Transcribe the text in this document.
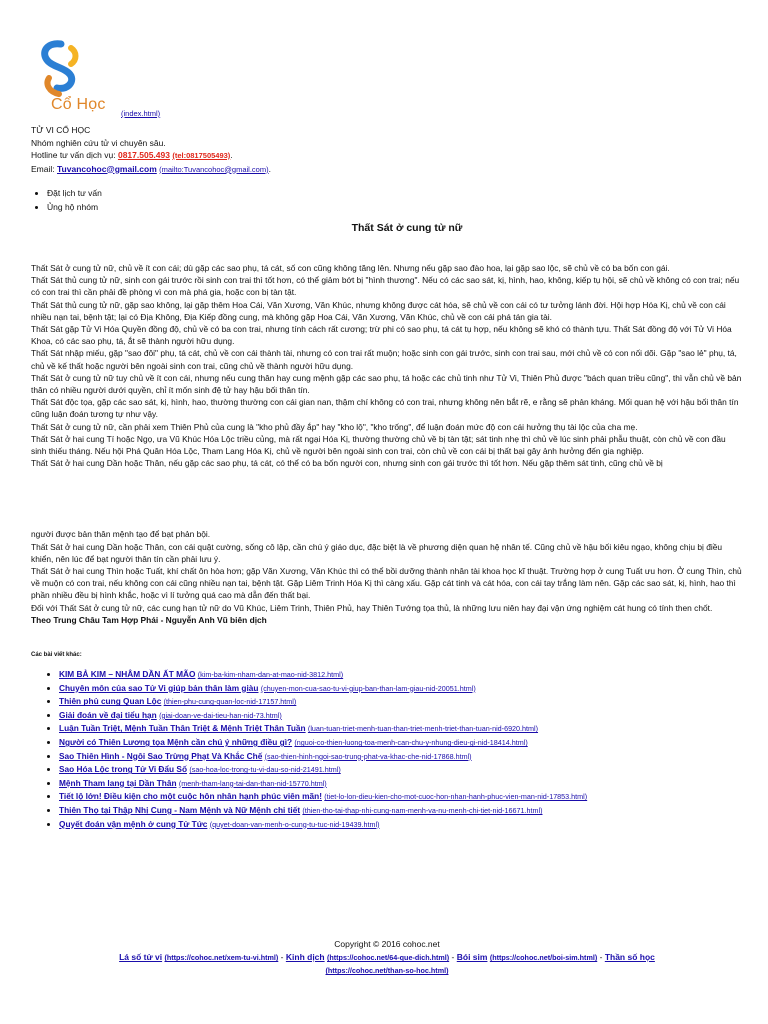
Cổ Học
(index.html)
TỬ VI CỔ HỌC
Nhóm nghiên cứu tử vi chuyên sâu.
Hotline tư vấn dịch vụ: 0817.505.493 (tel:0817505493).
Email: Tuvancohoc@gmail.com (mailto:Tuvancohoc@gmail.com).
• Đặt lịch tư vấn
• Ủng hộ nhóm
Thất Sát ở cung tử nữ

Thất Sát ở cung tử nữ, chủ về ít con cái; dù gặp các sao phụ, tá cát, số con cũng không tăng lên. Nhưng nếu gặp sao đào hoa, lại gặp sao lộc, sẽ chủ về có ba bốn con gái.

Thất Sát thủ cung tử nữ, sinh con gái trước rồi sinh con trai thì tốt hơn, có thể giảm bớt bị "hình thương". Nếu có các sao sát, kị, hình, hao, không, kiếp tụ hội, sẽ chủ về không có con trai; nếu có con trai thì cần phải đề phòng vì con mà phá gia, hoặc con bị tàn tật.

Thất Sát thủ cung tử nữ, gặp sao không, lại gặp thêm Hoa Cái, Văn Xương, Văn Khúc, nhưng không được cát hóa, sẽ chủ về con cái có tư tưởng lánh đời. Hội hợp Hóa Kị, chủ về con cái nhiều nạn tai, bệnh tật; lại có Địa Không, Địa Kiếp đồng cung, mà không gặp Hoa Cái, Văn Xương, Văn Khúc, chủ về con cái phá tán gia tài.

Thất Sát gặp Tử Vi Hóa Quyền đồng độ, chủ về có ba con trai, nhưng tính cách rất cương; trừ phi có sao phụ, tá cát tụ hợp, nếu không sẽ khó có thành tựu. Thất Sát đồng độ với Tử Vi Hóa Khoa, có các sao phụ, tá, ắt sẽ thành người hữu dụng.

Thất Sát nhập miếu, gặp "sao đôi" phụ, tá cát, chủ về con cái thành tài, nhưng có con trai rất muộn; hoặc sinh con gái trước, sinh con trai sau, mới chủ về có con nối dõi. Gặp "sao lẻ" phụ, tá, chủ về kế thất hoặc người bên ngoài sinh con trai, cũng chủ về thành người hữu dụng.

Thất Sát ở cung tử nữ tuy chủ về ít con cái, nhưng nếu cung thân hay cung mệnh gặp các sao phụ, tá hoặc các chủ tinh như Tử Vi, Thiên Phủ được "bách quan triều cũng", thì vẫn chủ về bản thân có nhiều người dưới quyền, chỉ ít mốn sinh đệ tử hay hậu bối thân tín.

Thất Sát độc tọa, gặp các sao sát, kị, hình, hao, thường thường con cái gian nan, thậm chí không có con trai, nhưng không nên bắt rẽ, e rằng sẽ phản kháng. Mối quan hệ với hậu bối thân tín cũng luận đoán tương tự như vậy.

Thất Sát ở cung tử nữ, cần phải xem Thiên Phủ của cung là "kho phủ đầy ắp" hay "kho lộ", "kho trống", để luận đoán mức độ con cái hưởng thụ tài lộc của cha mẹ.

Thất Sát ở hai cung Tí hoặc Ngọ, ưa Vũ Khúc Hóa Lộc triều củng, mà rất ngại Hóa Kị, thường thường chủ về bị tàn tật; sát tinh nhẹ thì chủ về lúc sinh phải phẫu thuật, còn chủ về con đầu sinh thiếu tháng. Nếu hội Phá Quân Hóa Lộc, Tham Lang Hóa Kị, chủ về người bên ngoài sinh con trai, còn chủ về con cái bị thất bại gây ảnh hưởng đến gia nghiệp.

Thất Sát ở hai cung Dần hoặc Thân, nếu gặp các sao phụ, tá cát, có thể có ba bốn người con, nhưng sinh con gái trước thì tốt hơn. Nếu gặp thêm sát tinh, cũng chủ về bị

người được bản thân mệnh tạo để bạt phản bội.

Thất Sát ở hai cung Dần hoặc Thân, con cái quật cường, sống cô lập, cần chú ý giáo dục, đặc biệt là về phương diện quan hệ nhân tế. Cũng chủ về hậu bối kiêu ngạo, không chịu bị điều khiển, nên lúc để bạt người thân tín cần phải lưu ý.

Thất Sát ở hai cung Thìn hoặc Tuất, khí chất ôn hòa hơn; gặp Văn Xương, Văn Khúc thì có thể bồi dưỡng thành nhân tài khoa học kĩ thuật. Trường hợp ở cung Tuất ưu hơn. Ở cung Thìn, chủ về muộn có con trai, nếu không con cái cũng nhiều nạn tai, bệnh tật. Gặp Liêm Trinh Hóa Kị thì càng xấu. Gặp cát tinh và cát hóa, con cái tay trắng làm nên. Gặp các sao sát, kị, hình, hao thì phần nhiều đều bị hình khắc, hoặc vì lí tưởng quá cao mà dẫn đến thất bại.

Đối với Thất Sát ở cung tử nữ, các cung hạn tử nữ do Vũ Khúc, Liêm Trinh, Thiên Phủ, hay Thiên Tướng tọa thủ, là những lưu niên hay đại vận ứng nghiệm cát hung có tính then chốt.

Theo Trung Châu Tam Hợp Phái - Nguyễn Anh Vũ biên dịch

Các bài viết khác:
• KIM BẢ KIM – NHÂM DẦN ẤT MÃO (kim-ba-kim-nham-dan-at-mao-nid-3812.html)
• Chuyên môn của sao Tử Vi giúp bản thân làm giàu (chuyen-mon-cua-sao-tu-vi-giup-ban-than-lam-giau-nid-20051.html)
• Thiên phủ cung Quan Lộc (thien-phu-cung-quan-loc-nid-17157.html)
• Giải đoán về đại tiểu hạn (giai-doan-ve-dai-tieu-han-nid-73.html)
• Luận Tuần Triệt, Mệnh Tuần Thân Triệt & Mệnh Triệt Thân Tuần (luan-tuan-triet-menh-tuan-than-triet-menh-triet-than-tuan-nid-6920.html)
• Người có Thiên Lương tọa Mệnh cần chú ý những điều gì? (nguoi-co-thien-luong-toa-menh-can-chu-y-nhung-dieu-gi-nid-18414.html)
• Sao Thiên Hình - Ngôi Sao Trừng Phạt Và Khắc Chế (sao-thien-hinh-ngoi-sao-trung-phat-va-khac-che-nid-17868.html)
• Sao Hóa Lộc trong Tử Vi Đẩu Số (sao-hoa-loc-trong-tu-vi-dau-so-nid-21491.html)
• Mệnh Tham lang tại Dần Thân (menh-tham-lang-tai-dan-than-nid-15770.html)
• Tiết lộ lớn! Điều kiện cho một cuộc hôn nhân hạnh phúc viên mãn! (tiet-lo-lon-dieu-kien-cho-mot-cuoc-hon-nhan-hanh-phuc-vien-man-nid-17853.html)
• Thiên Thọ tại Thập Nhị Cung - Nam Mệnh và Nữ Mệnh chi tiết (thien-tho-tai-thap-nhi-cung-nam-menh-va-nu-menh-chi-tiet-nid-16671.html)
• Quyết đoán vận mệnh ở cung Tử Tức (quyet-doan-van-menh-o-cung-tu-tuc-nid-19439.html)
Copyright © 2016 cohoc.net
Lá số tử vi (https://cohoc.net/xem-tu-vi.html) - Kinh dịch (https://cohoc.net/64-que-dich.html) - Bói sim (https://cohoc.net/boi-sim.html) - Thần số học
(https://cohoc.net/than-so-hoc.html)
